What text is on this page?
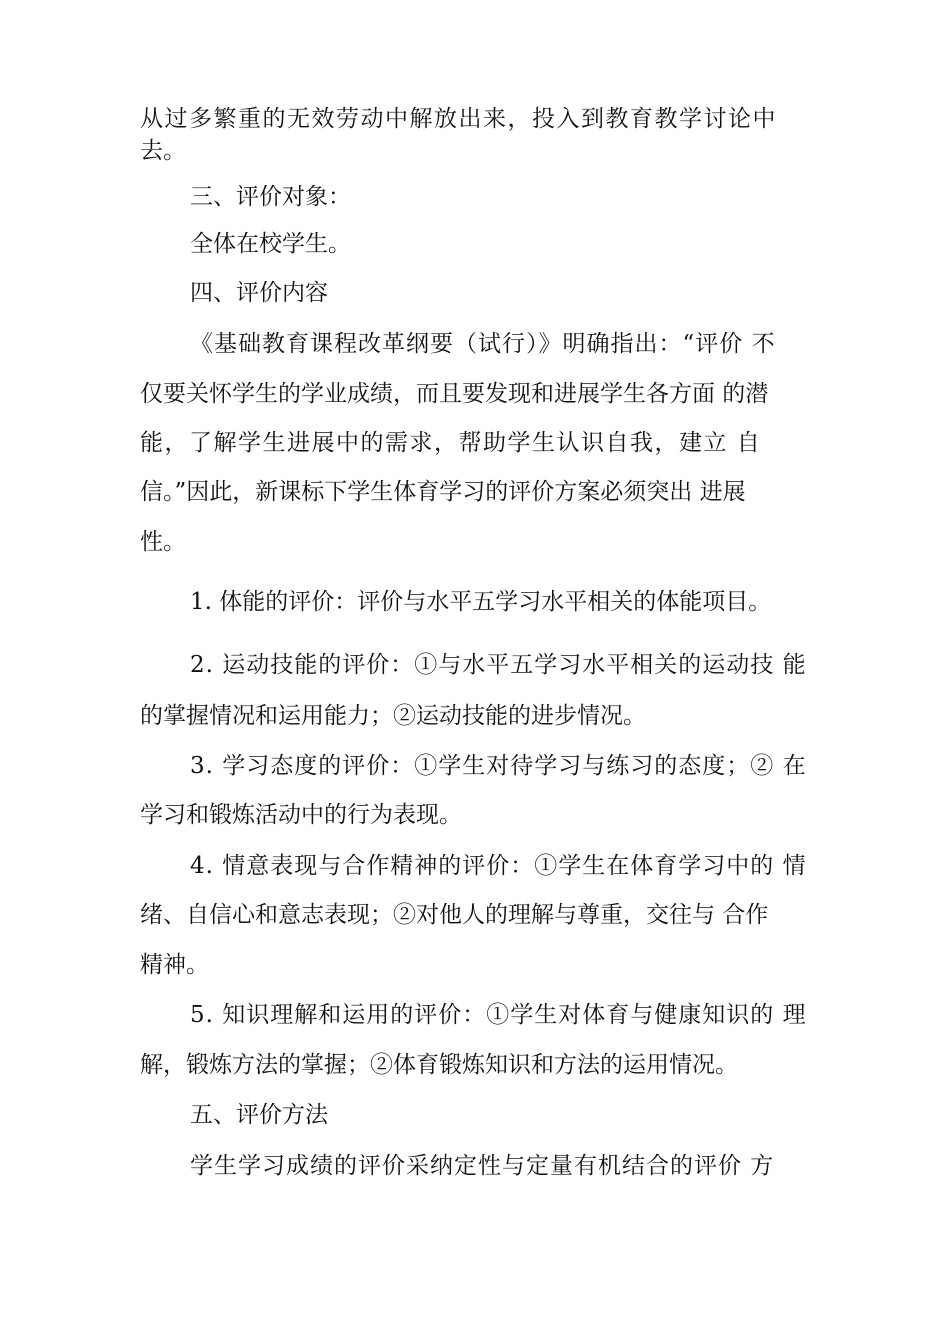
从过多繁重的无效劳动中解放出来，投入到教育教学讨论中
去。
三、评价对象：
全体在校学生。
四、评价内容
《基础教育课程改革纲要（试行）》明确指出：“评价 不
仅要关怀学生的学业成绩，而且要发现和进展学生各方面 的潜
能，了解学生进展中的需求，帮助学生认识自我，建立 自
信。”因此，新课标下学生体育学习的评价方案必须突出 进展
性。
1. 体能的评价：评价与水平五学习水平相关的体能项目。
2. 运动技能的评价：①与水平五学习水平相关的运动技 能
的掌握情况和运用能力；②运动技能的进步情况。
3. 学习态度的评价：①学生对待学习与练习的态度；② 在
学习和锻炼活动中的行为表现。
4. 情意表现与合作精神的评价：①学生在体育学习中的 情
绪、自信心和意志表现；②对他人的理解与尊重，交往与 合作
精神。
5. 知识理解和运用的评价：①学生对体育与健康知识的 理
解，锻炼方法的掌握；②体育锻炼知识和方法的运用情况。
五、评价方法
学生学习成绩的评价采纳定性与定量有机结合的评价 方
